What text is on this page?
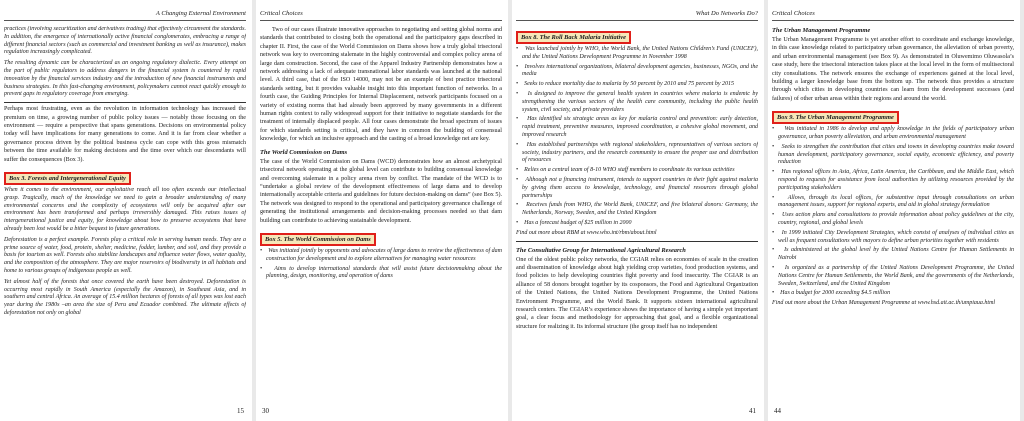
A Changing External Environment

practices (involving securitization and derivatives trading) that effectively circumvent the standards. In addition, the emergence of internationally active financial conglomerates, embracing a range of different financial sectors (such as commercial and investment banking as well as insurance), makes regulation increasingly complicated.

The resulting dynamic can be characterized as an ongoing regulatory dialectic. Every attempt on the part of public regulators to address dangers in the financial system is countered by rapid innovation by the financial services industry and the introduction of new financial instruments and business strategies. In this fast-changing environment, policymakers cannot react quickly enough to prevent gaps in regulatory coverage from emerging.

Perhaps most frustrating, even as the revolution in information technology has increased the premium on time, a growing number of public policy issues — notably those focusing on the environment — require a perspective that spans generations. Decisions on environmental policy today will have implications for many generations to come. And it is far from clear whether a governance process driven by the political business cycle can cope with this gross mismatch between the time available for making decisions and the time over which our descendants will suffer the consequences (Box 3).

Box 3. Forests and Intergenerational Equity

When it comes to the environment, our exploitative reach all too often exceeds our intellectual grasp. Tragically, much of the knowledge we need to gain a broader understanding of many environmental concerns and the complexity of ecosystems will only be acquired after our environment has been transformed and perhaps irreversibly damaged. This raises issues of intergenerational justice and equity, for knowledge about how to preserve ecosystems that have already been lost would be a bitter bequest to future generations.

Deforestation is a perfect example. Forests play a critical role in serving human needs. They are a prime source of water, food, protein, shelter, medicine, fodder, lumber, and soil, and they provide a basis for tourism as well. Forests also stabilize landscapes and influence water flows, water quality, and the composition of the atmosphere. They are major reservoirs of biodiversity in all habitats and home to various groups of indigenous people as well.

Yet almost half of the forests that once covered the earth have been destroyed. Deforestation is occurring most rapidly in South America (especially the Amazon), in Southeast Asia, and in southern and central Africa. An average of 15.4 million hectares of forests of all types was lost each year during the 1980s –an area the size of Peru and Ecuador combined. The ultimate effects of deforestation not only on global

15
Critical Choices

Two of our cases illustrate innovative approaches to negotiating and setting global norms and standards that contributed to closing both the operational and the participatory gaps described in chapter II. First, the case of the World Commission on Dams shows how a truly global trisectoral network was key to overcoming stalemate in the highly controversial and complex policy arena of large dam construction. Second, the case of the Apparel Industry Partnership demonstrates how a network addressing a lack of adequate transnational labor standards was launched at the national level. A third case, that of the ISO 14000, may not be an example of best practice trisectoral standards setting, but it provides valuable insight into this important function of networks. In a fourth case, the Guiding Principles for Internal Displacement, network participants focused on a variety of existing norms that had already been approved by many governments in a different human rights context to rally widespread support for their initiative to negotiate standards for the treatment of internally displaced people. All four cases demonstrate the broad spectrum of issues for which standards setting is critical, and they have in common the building of consensual knowledge, for which an inclusive approach and the casting of a broad knowledge net are key.

The World Commission on Dams

The case of the World Commission on Dams (WCD) demonstrates how an almost archetypical trisectoral network operating at the global level can contribute to building consensual knowledge and overcoming stalemate in a policy arena riven by conflict. The mandate of the WCD is to “undertake a global review of the development effectiveness of large dams and to develop internationally acceptable criteria and guidelines for future decision-making on dams” (see Box 5). The network was designed to respond to the operational and participatory governance challenge of generating the institutional arrangements and decision-making processes needed so that dam building can contribute to achieving sustainable development.

Box 5. The World Commission on Dams
•    Was initiated jointly by opponents and advocates of large dams to review the effectiveness of dam construction for development and to explore alternatives for managing water resources
•    Aims to develop international standards that will assist future decisionmaking about the planning, design, monitoring, and operation of dams
30
What Do Networks Do?
Box 8. The Roll Back Malaria Initiative
•    Was launched jointly by WHO, the World Bank, the United Nations Children’s Fund (UNICEF), and the United Nations Development Programme in November 1998
•    Involves international organizations, bilateral development agencies, businesses, NGOs, and the media
•    Seeks to reduce mortality due to malaria by 50 percent by 2010 and 75 percent by 2015
•    Is designed to improve the general health system in countries where malaria is endemic by strengthening the various sectors of the health care community, including the public health system, civil society, and private providers
•    Has identified six strategic areas as key for malaria control and prevention: early detection, rapid treatment, preventive measures, improved coordination, a cohesive global movement, and improved research
•    Has established partnerships with regional stakeholders, representatives of various sectors of society, industry partners, and the research community to ensure the proper use and distribution of resources
•    Relies on a central team of 8-10 WHO staff members to coordinate its various activities
•    Although not a financing instrument, intends to support countries in their fight against malaria by giving them access to knowledge, technology, and financial resources through global partnerships
•    Receives funds from WHO, the World Bank, UNICEF, and five bilateral donors: Germany, the Netherlands, Norway, Sweden, and the United Kingdom
•    Has a forecast budget of $25 million in 2000

Find out more about RBM at www.who.int/rbm/about.html

The Consultative Group for International Agricultural Research

One of the oldest public policy networks, the CGIAR relies on economies of scale in the creation and dissemination of knowledge about high yielding crop varieties, food production systems, and food policies to help developing countries fight poverty and food insecurity. The CGIAR is an alliance of 58 donors brought together by its cosponsors, the Food and Agricultural Organization of the United Nations, the United Nations Development Programme, the United Nations Environment Programme, and the World Bank. It supports sixteen international agricultural research centers. The CGIAR’s experience shows the importance of having a simple yet important goal, a clear focus and methodology for approaching that goal, and a flexible organizational structure for realizing it. Its informal structure (the group itself has no independent

41
Critical Choices
The Urban Management Programme

The Urban Management Programme is yet another effort to coordinate and exchange knowledge, in this case knowledge related to participatory urban governance, the alleviation of urban poverty, and urban environmental management (see Box 9). As demonstrated in Oluwemimo Oluwasola’s case study, here the trisectoral interaction takes place at the local level in the form of multisectoral city consultations. The network ensures the exchange of experiences gained at the local level, building a larger knowledge base from the bottom up. The network thus provides a structure through which cities in developing countries can learn from the development successes (and failures) of other urban areas within their regions and around the world.

Box 9. The Urban Management Programme
•    Was initiated in 1986 to develop and apply knowledge in the fields of participatory urban governance, urban poverty alleviation, and urban environmental management
•    Seeks to strengthen the contribution that cities and towns in developing countries make toward human development, participatory governance, social equity, economic efficiency, and poverty reduction
•    Has regional offices in Asia, Africa, Latin America, the Caribbean, and the Middle East, which respond to requests for assistance from local authorities by utilizing resources provided by the participating stakeholders
•    Allows, through its local offices, for substantive input through consultations on urban management issues, support for regional experts, and aid in global strategy formulation
•    Uses action plans and consultations to provide information about policy guidelines at the city, country, regional, and global levels
•    In 1999 initiated City Development Strategies, which consist of analyses of individual cities as well as frequent consultations with mayors to define urban priorities together with residents
•    Is administered at the global level by the United Nations Centre for Human Settlements in Nairobi
•    Is organized as a partnership of the United Nations Development Programme, the United Nations Centre for Human Settlements, the World Bank, and the governments of the Netherlands, Sweden, Switzerland, and the United Kingdom
•    Has a budget for 2000 exceeding $4.5 million

Find out more about the Urban Management Programme at www.hsd.ait.ac.th/umpiaua.html

44
